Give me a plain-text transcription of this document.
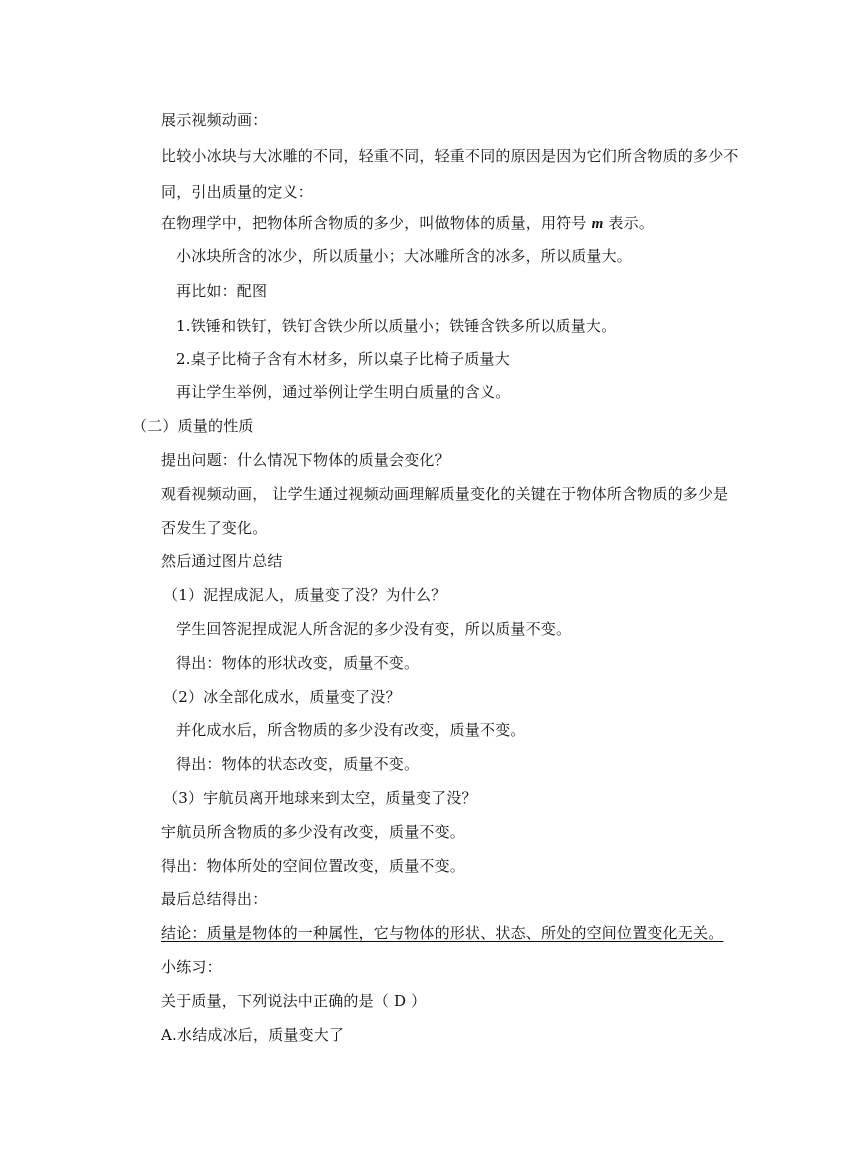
展示视频动画：
比较小冰块与大冰雕的不同，轻重不同，轻重不同的原因是因为它们所含物质的多少不
同，引出质量的定义：
在物理学中，把物体所含物质的多少，叫做物体的质量，用符号 m 表示。
小冰块所含的冰少，所以质量小；大冰雕所含的冰多，所以质量大。
再比如：配图
1.铁锤和铁钉，铁钉含铁少所以质量小；铁锤含铁多所以质量大。
2.桌子比椅子含有木材多，所以桌子比椅子质量大
再让学生举例，通过举例让学生明白质量的含义。
（二）质量的性质
提出问题：什么情况下物体的质量会变化？
观看视频动画， 让学生通过视频动画理解质量变化的关键在于物体所含物质的多少是
否发生了变化。
然后通过图片总结
（1）泥捏成泥人，质量变了没？为什么？
学生回答泥捏成泥人所含泥的多少没有变，所以质量不变。
得出：物体的形状改变，质量不变。
（2）冰全部化成水，质量变了没？
并化成水后，所含物质的多少没有改变，质量不变。
得出：物体的状态改变，质量不变。
（3）宇航员离开地球来到太空，质量变了没？
宇航员所含物质的多少没有改变，质量不变。
得出：物体所处的空间位置改变，质量不变。
最后总结得出：
结论：质量是物体的一种属性，它与物体的形状、状态、所处的空间位置变化无关。
小练习：
关于质量，下列说法中正确的是（ D ）
A.水结成冰后，质量变大了
